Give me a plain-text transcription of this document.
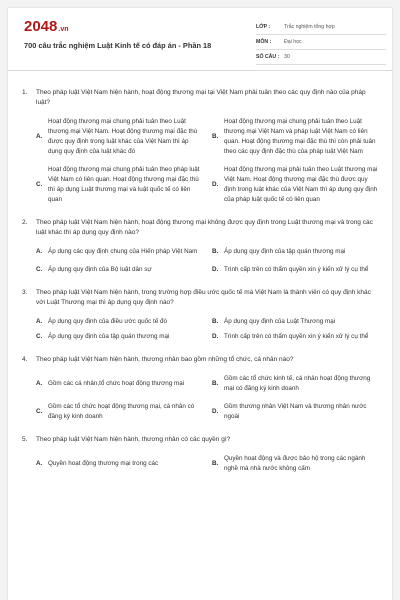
2048.vn
700 câu trắc nghiệm Luật Kinh tế có đáp án - Phần 18
LỚP :	Trắc nghiệm tổng hợp
MÔN :	Đại học
SỐ CÂU : 30
1.	Theo pháp luật Việt Nam hiện hành, hoạt động thương mại tại Việt Nam phải tuân theo các quy định nào của pháp luật?
A.
Hoạt động thương mại chung phải tuân theo Luật thương mại Việt Nam. Hoạt động thương mại đặc thù được quy định trong luật khác của Việt Nam thì áp dụng quy định của luật khác đó
B.
Hoạt động thương mại chung phải tuân theo Luật thương mại Việt Nam và pháp luật Việt Nam có liên quan. Hoạt động thương mại đặc thù thì còn phải tuân theo các quy định đặc thù của pháp luật Việt Nam
C.
Hoạt động thương mại chung phải tuân theo pháp luật Việt Nam có liên quan. Hoạt động thương mại đặc thù thì áp dụng Luật thương mại và luật quốc tế có liên quan
D.
Hoạt động thương mại phải tuân theo Luật thương mại Việt Nam. Hoạt động thương mại đặc thù được quy định trong luật khác của Việt Nam thì áp dụng quy định của pháp luật quốc tế có liên quan
2.	Theo pháp luật Việt Nam hiện hành, hoạt động thương mại không được quy định trong Luật thương mại và trong các luật khác thì áp dụng quy định nào?
A. Áp dụng các quy định chung của Hiến pháp Việt Nam	B. Áp dụng quy định của tập quán thương mại
C. Áp dụng quy định của Bộ luật dân sự	D. Trình cấp trên có thẩm quyền xin ý kiến xử lý cụ thể
3.	Theo pháp luật Việt Nam hiện hành, trong trường hợp điều ước quốc tế mà Việt Nam là thành viên có quy định khác với Luật Thương mại thì áp dụng quy định nào?
A. Áp dụng quy định của điều ước quốc tế đó	B. Áp dụng quy định của Luật Thương mại
C. Áp dụng quy định của tập quán thương mại	D. Trình cấp trên có thẩm quyền xin ý kiến xử lý cụ thể
4.	Theo pháp luật Việt Nam hiện hành, thương nhân bao gồm những tổ chức, cá nhân nào?
A. Gồm các cá nhân,tổ chức hoạt động thương mại	B.
Gồm các tổ chức kinh tế, cá nhân hoạt động thương mại có đăng ký kinh doanh
C.
Gồm các tổ chức hoạt động thương mại, cá nhân có đăng ký kinh doanh
D.
Gồm thương nhân Việt Nam và thương nhân nước ngoài
5.	Theo pháp luật Việt Nam hiện hành, thương nhân có các quyền gì?
A. Quyền hoạt động thương mại trong các	B.
Quyền hoạt động và được bảo hộ trong các ngành nghề mà nhà nước không cấm
